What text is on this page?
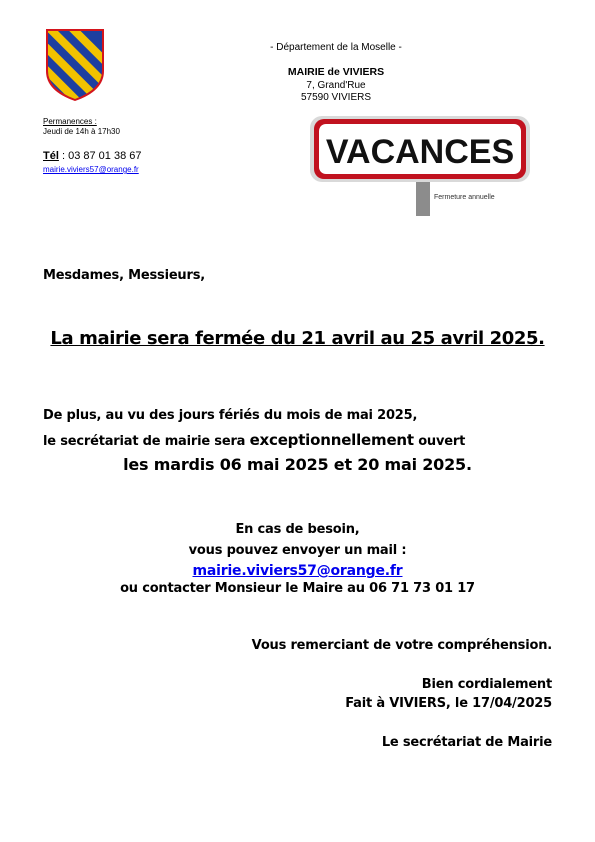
- Département de la Moselle -
MAIRIE de VIVIERS
7, Grand'Rue
57590 VIVIERS
Permanences :
Jeudi de 14h à 17h30
Tél : 03 87 01 38 67
mairie.viviers57@orange.fr	VACANCES
Fermeture annuelle
Mesdames, Messieurs,
La mairie sera fermée du 21 avril au 25 avril 2025.
De plus, au vu des jours fériés du mois de mai 2025,
le secrétariat de mairie sera exceptionnellement ouvert
les mardis 06 mai 2025 et 20 mai 2025.
En cas de besoin,
vous pouvez envoyer un mail :
mairie.viviers57@orange.fr
ou contacter Monsieur le Maire au 06 71 73 01 17
Vous remerciant de votre compréhension.
Bien cordialement
Fait à VIVIERS, le 17/04/2025
Le secrétariat de Mairie
